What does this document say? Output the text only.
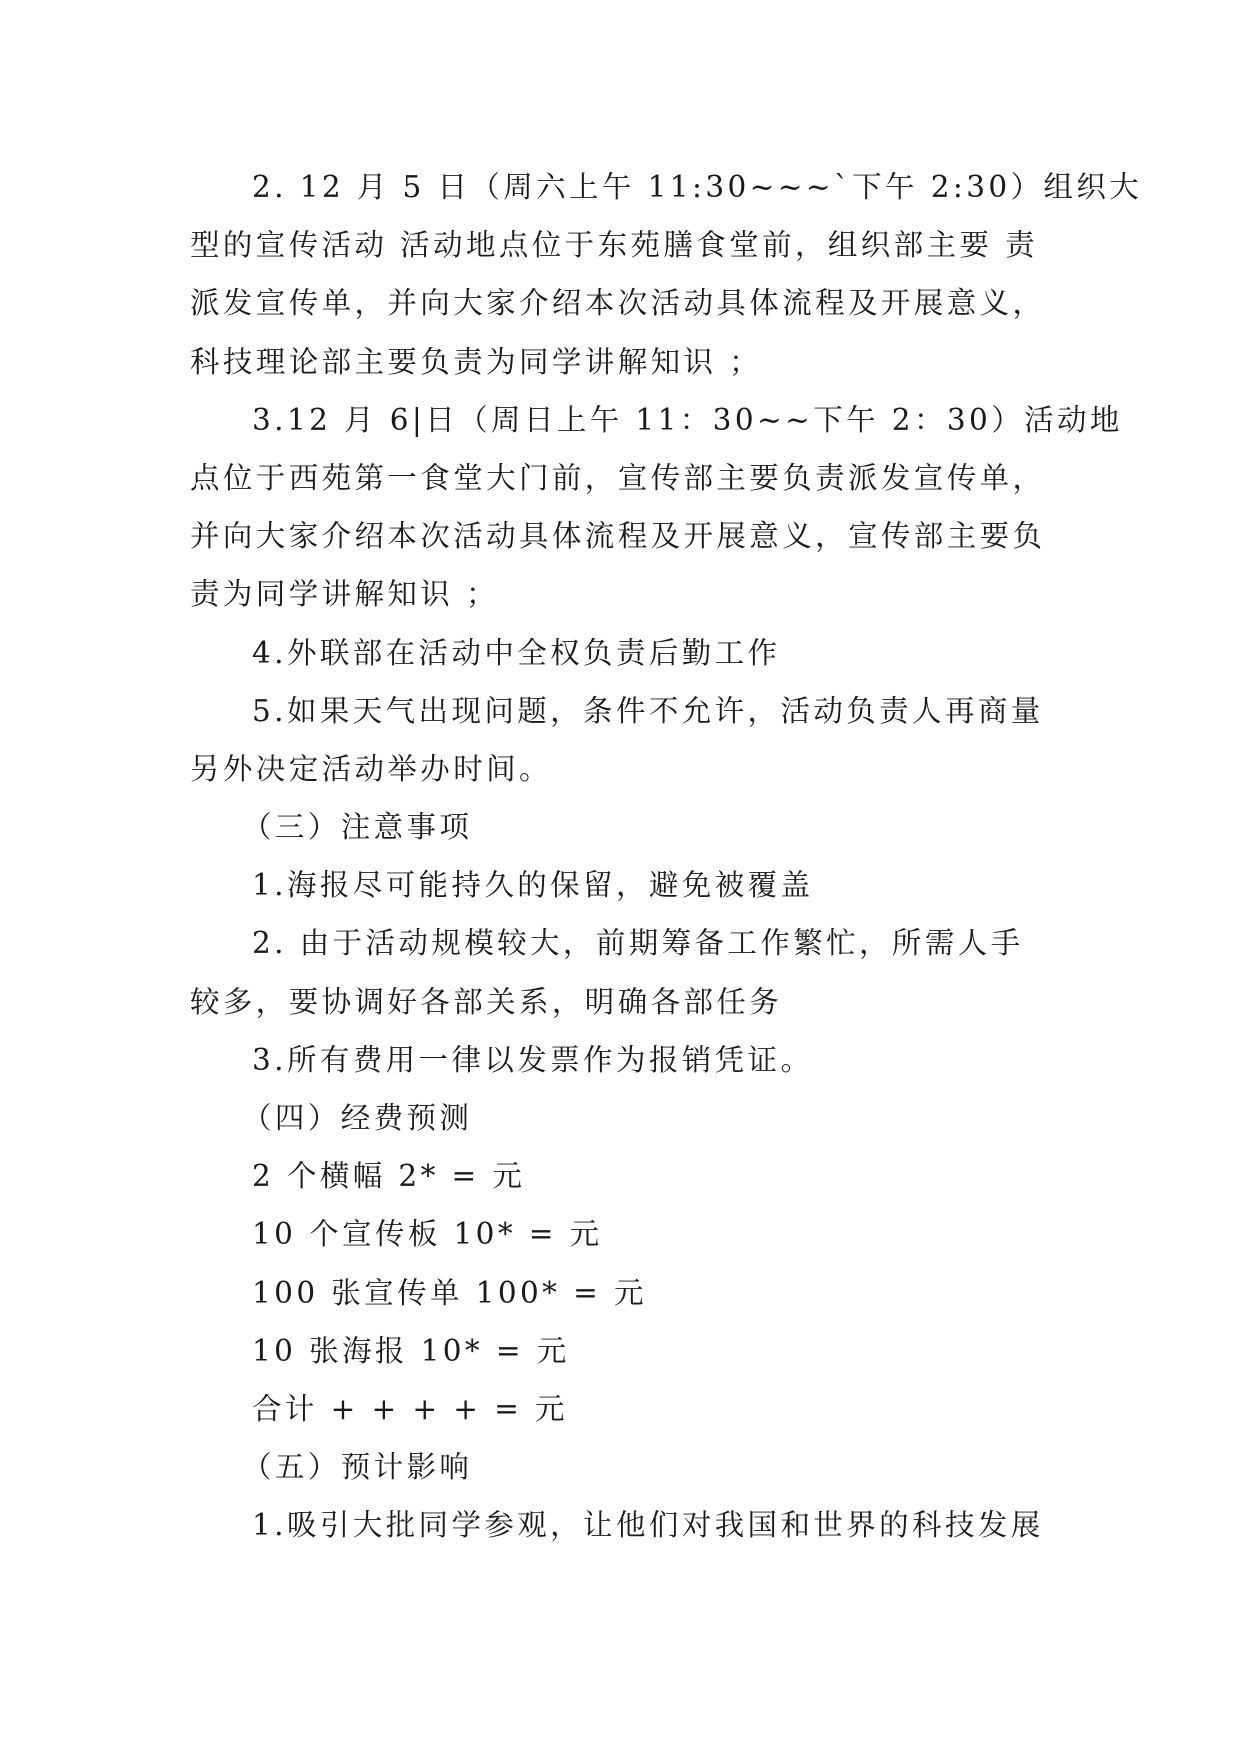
2. 12 月 5 日（周六上午 11:30~~~`下午 2:30）组织大
型的宣传活动 活动地点位于东苑膳食堂前，组织部主要 责
派发宣传单，并向大家介绍本次活动具体流程及开展意义，
科技理论部主要负责为同学讲解知识 ；
3.12 月 6|日（周日上午 11：30~~下午 2：30）活动地
点位于西苑第一食堂大门前，宣传部主要负责派发宣传单，
并向大家介绍本次活动具体流程及开展意义，宣传部主要负
责为同学讲解知识 ；
4.外联部在活动中全权负责后勤工作
5.如果天气出现问题，条件不允许，活动负责人再商量
另外决定活动举办时间。
（三）注意事项
1.海报尽可能持久的保留，避免被覆盖
2. 由于活动规模较大，前期筹备工作繁忙，所需人手
较多，要协调好各部关系，明确各部任务
3.所有费用一律以发票作为报销凭证。
（四）经费预测
2 个横幅 2* = 元
10 个宣传板 10* = 元
100 张宣传单 100* = 元
10 张海报 10* = 元
合计 + + + + = 元
（五）预计影响
1.吸引大批同学参观，让他们对我国和世界的科技发展
